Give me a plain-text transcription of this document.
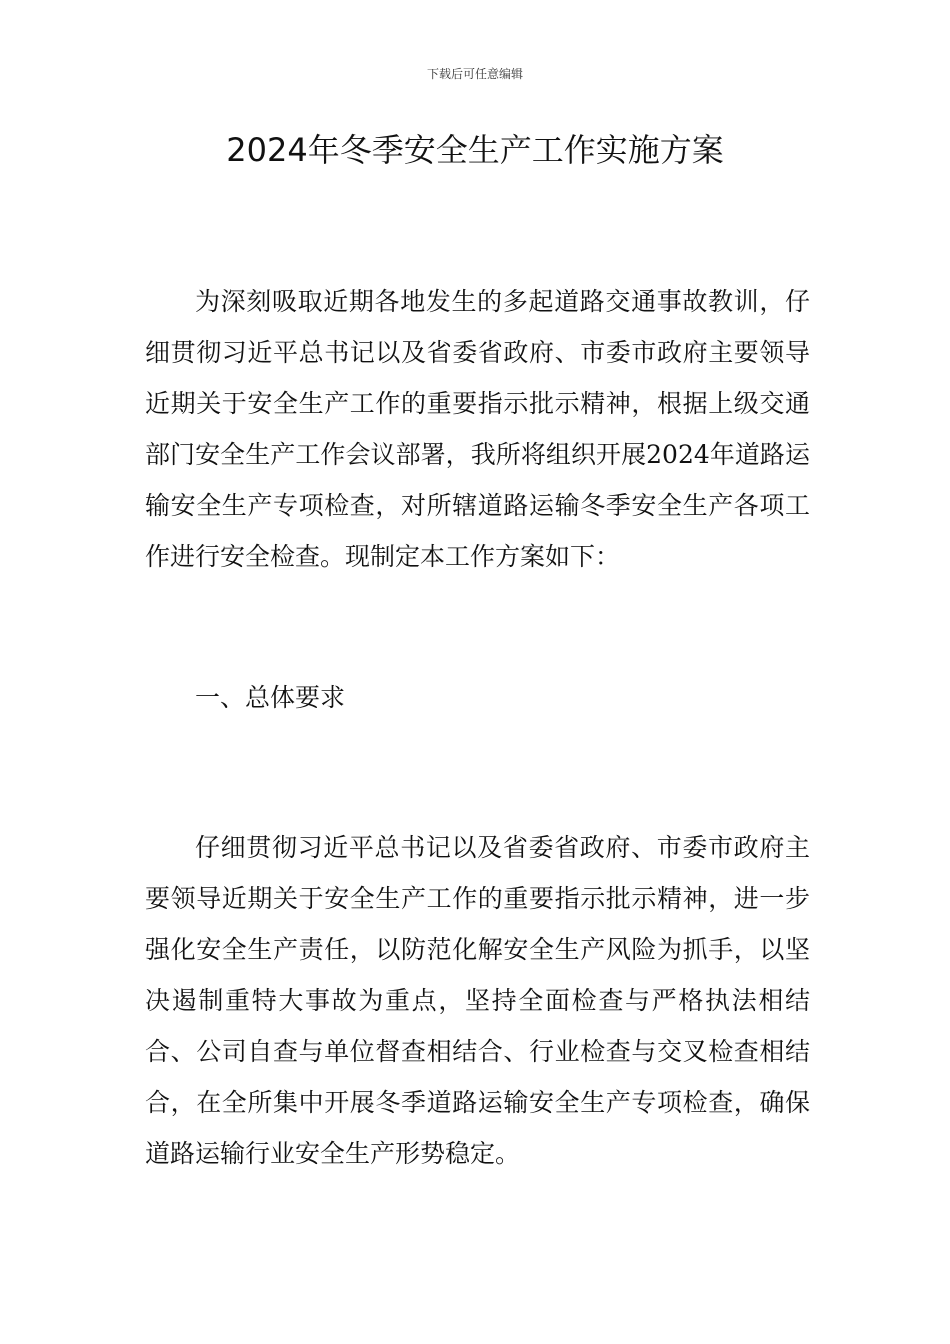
下载后可任意编辑
2024年冬季安全生产工作实施方案

为深刻吸取近期各地发生的多起道路交通事故教训，仔细贯彻习近平总书记以及省委省政府、市委市政府主要领导近期关于安全生产工作的重要指示批示精神，根据上级交通部门安全生产工作会议部署，我所将组织开展2024年道路运输安全生产专项检查，对所辖道路运输冬季安全生产各项工作进行安全检查。现制定本工作方案如下：

一、总体要求

仔细贯彻习近平总书记以及省委省政府、市委市政府主要领导近期关于安全生产工作的重要指示批示精神，进一步强化安全生产责任，以防范化解安全生产风险为抓手，以坚决遏制重特大事故为重点，坚持全面检查与严格执法相结合、公司自查与单位督查相结合、行业检查与交叉检查相结合，在全所集中开展冬季道路运输安全生产专项检查，确保道路运输行业安全生产形势稳定。
